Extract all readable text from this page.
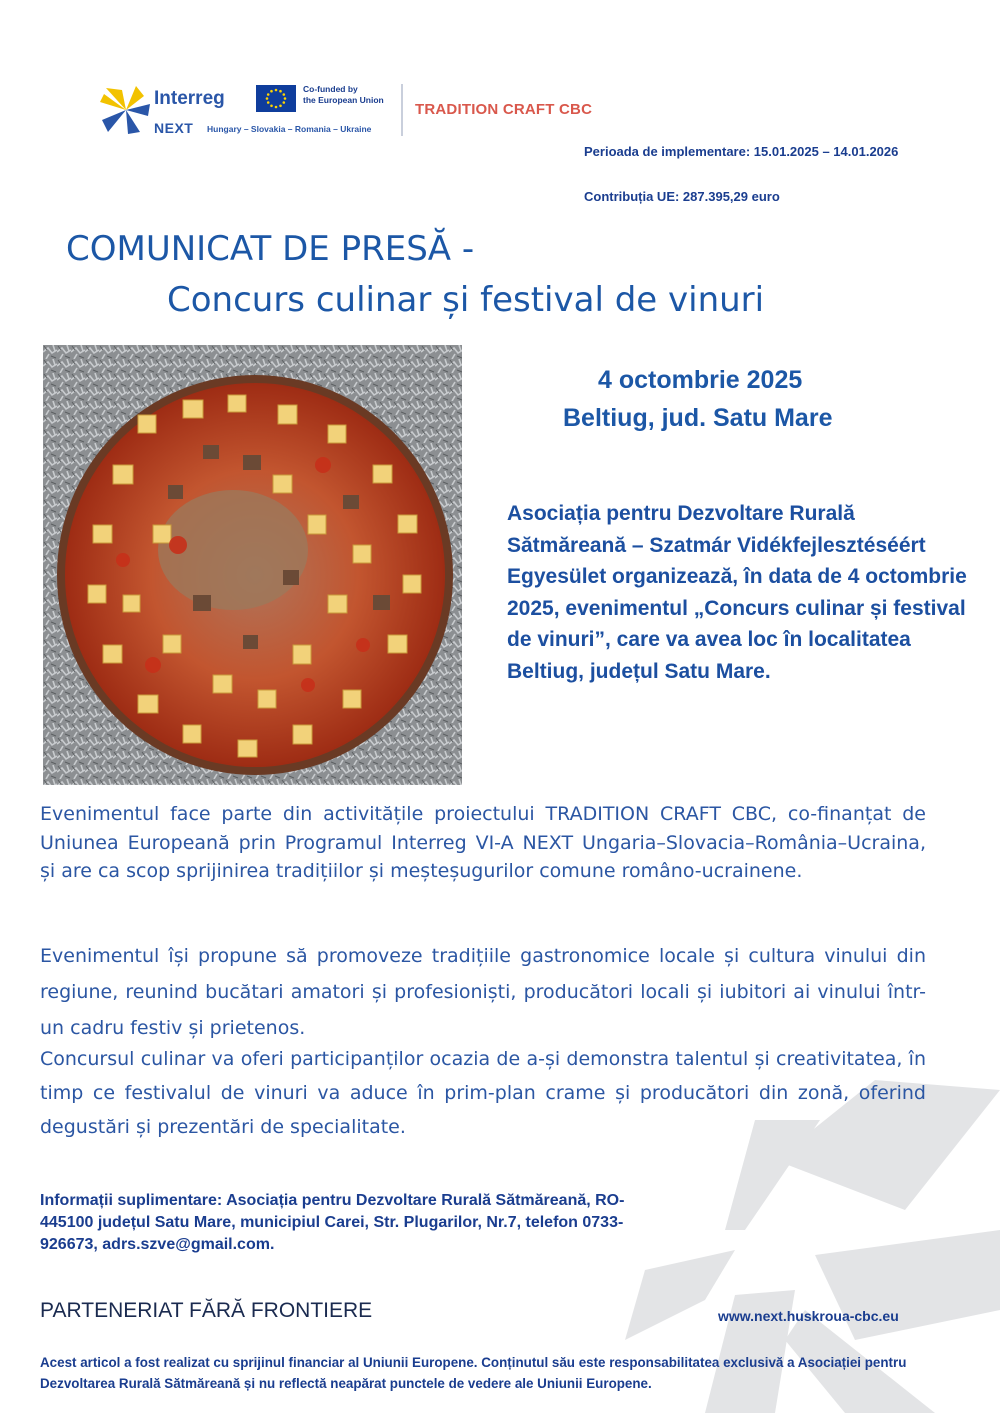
Interreg
NEXT Hungary – Slovakia – Romania – Ukraine
Co-funded by
the European Union
TRADITION CRAFT CBC
Perioada de implementare: 15.01.2025 – 14.01.2026
Contribuția UE: 287.395,29 euro
COMUNICAT DE PRESĂ -
Concurs culinar și festival de vinuri
4 octombrie 2025
Beltiug, jud. Satu Mare
Asociația pentru Dezvoltare Rurală Sătmăreană – Szatmár Vidékfejlesztéséért Egyesület organizează, în data de 4 octombrie 2025, evenimentul „Concurs culinar și festival de vinuri”, care va avea loc în localitatea Beltiug, județul Satu Mare.
Evenimentul face parte din activitățile proiectului TRADITION CRAFT CBC, co-finanțat de Uniunea Europeană prin Programul Interreg VI-A NEXT Ungaria–Slovacia–România–Ucraina, și are ca scop sprijinirea tradițiilor și meșteșugurilor comune româno-ucrainene.
Evenimentul își propune să promoveze tradițiile gastronomice locale și cultura vinului din regiune, reunind bucătari amatori și profesioniști, producători locali și iubitori ai vinului într-un cadru festiv și prietenos.
Concursul culinar va oferi participanților ocazia de a-și demonstra talentul și creativitatea, în timp ce festivalul de vinuri va aduce în prim-plan crame și producători din zonă, oferind degustări și prezentări de specialitate.
Informații suplimentare: Asociația pentru Dezvoltare Rurală Sătmăreană, RO-445100 județul Satu Mare, municipiul Carei, Str. Plugarilor, Nr.7, telefon 0733-926673, adrs.szve@gmail.com.
PARTENERIAT FĂRĂ FRONTIERE	www.next.huskroua-cbc.eu
Acest articol a fost realizat cu sprijinul financiar al Uniunii Europene. Conținutul său este responsabilitatea exclusivă a Asociației pentru Dezvoltarea Rurală Sătmăreană și nu reflectă neapărat punctele de vedere ale Uniunii Europene.
